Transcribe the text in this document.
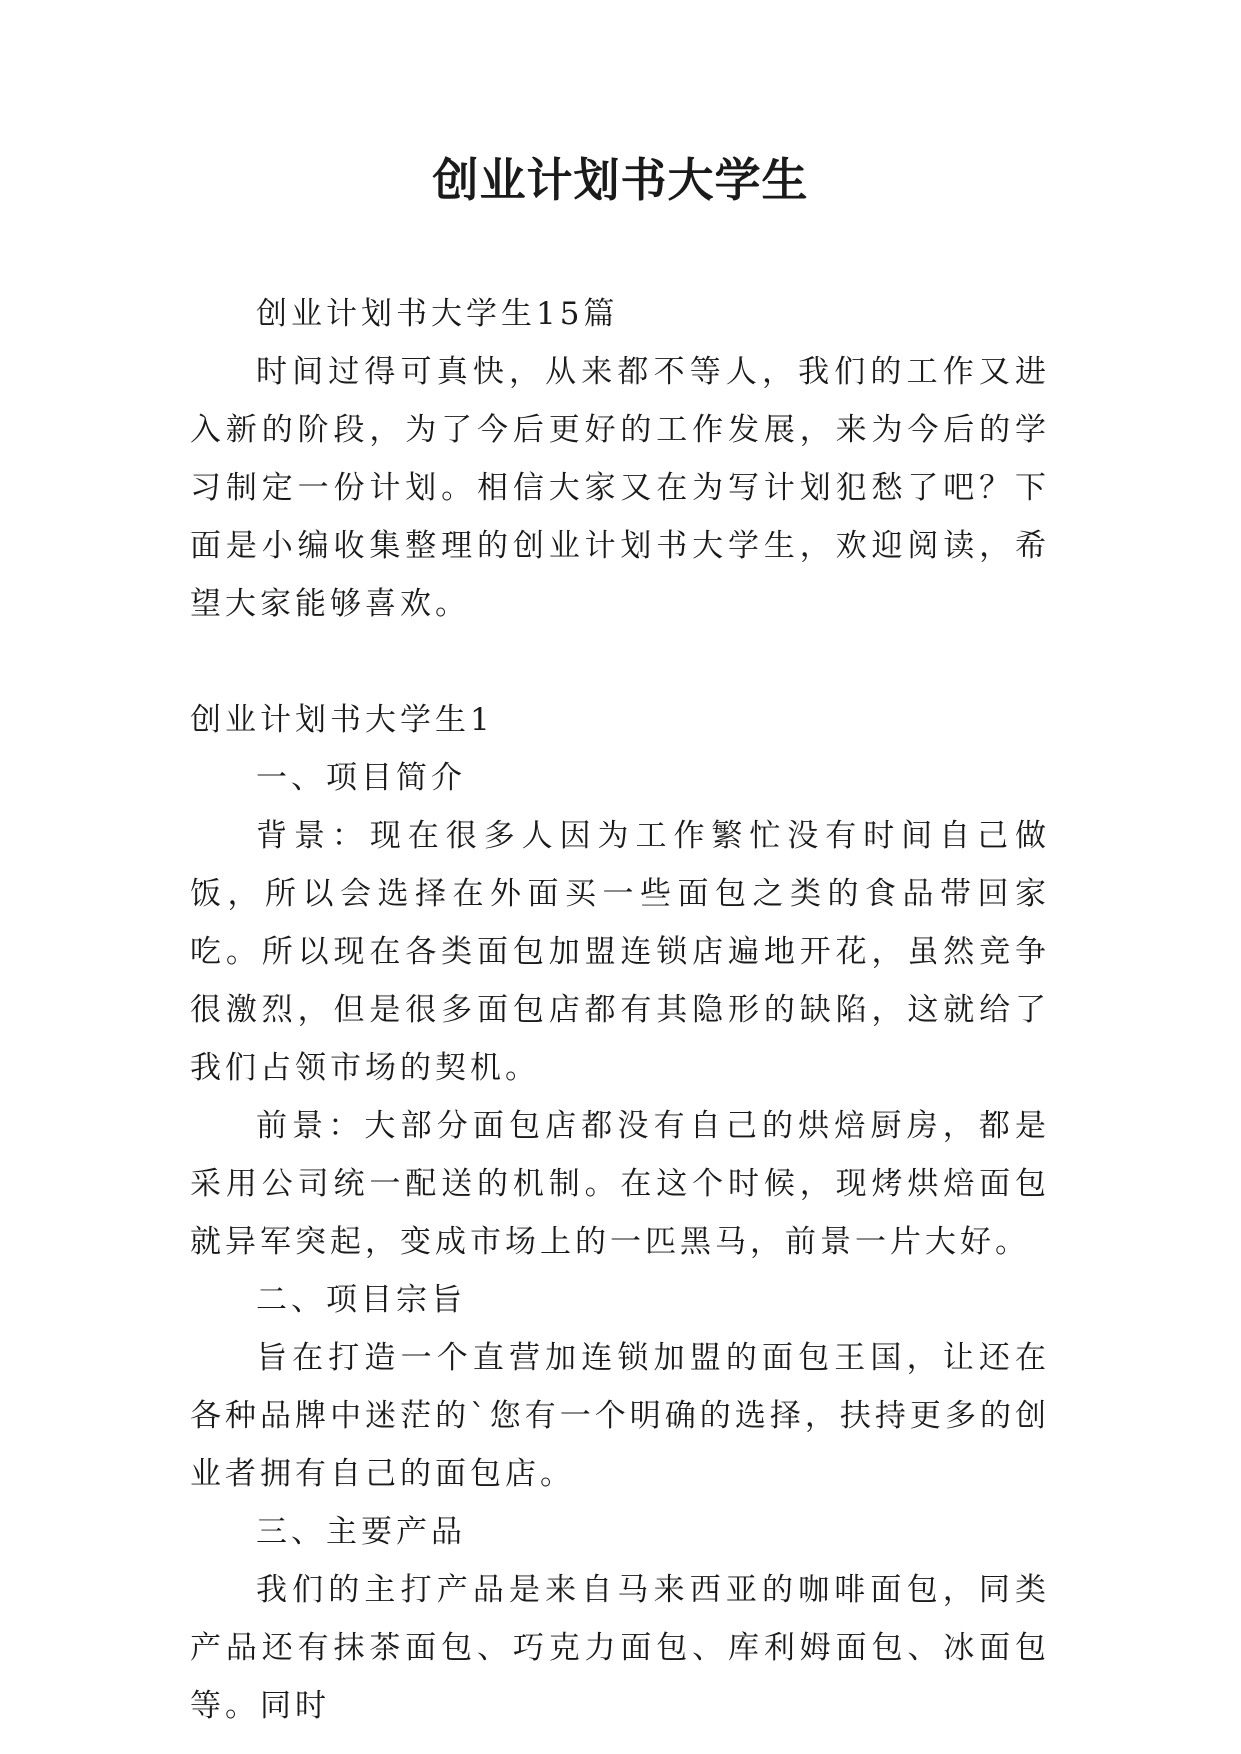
创业计划书大学生

创业计划书大学生15篇

时间过得可真快，从来都不等人，我们的工作又进入新的阶段，为了今后更好的工作发展，来为今后的学习制定一份计划。相信大家又在为写计划犯愁了吧？下面是小编收集整理的创业计划书大学生，欢迎阅读，希望大家能够喜欢。

创业计划书大学生1

一、项目简介

背景：现在很多人因为工作繁忙没有时间自己做饭，所以会选择在外面买一些面包之类的食品带回家吃。所以现在各类面包加盟连锁店遍地开花，虽然竞争很激烈，但是很多面包店都有其隐形的缺陷，这就给了我们占领市场的契机。

前景：大部分面包店都没有自己的烘焙厨房，都是采用公司统一配送的机制。在这个时候，现烤烘焙面包就异军突起，变成市场上的一匹黑马，前景一片大好。

二、项目宗旨

旨在打造一个直营加连锁加盟的面包王国，让还在各种品牌中迷茫的`您有一个明确的选择，扶持更多的创业者拥有自己的面包店。

三、主要产品

我们的主打产品是来自马来西亚的咖啡面包，同类产品还有抹茶面包、巧克力面包、库利姆面包、冰面包等。同时
